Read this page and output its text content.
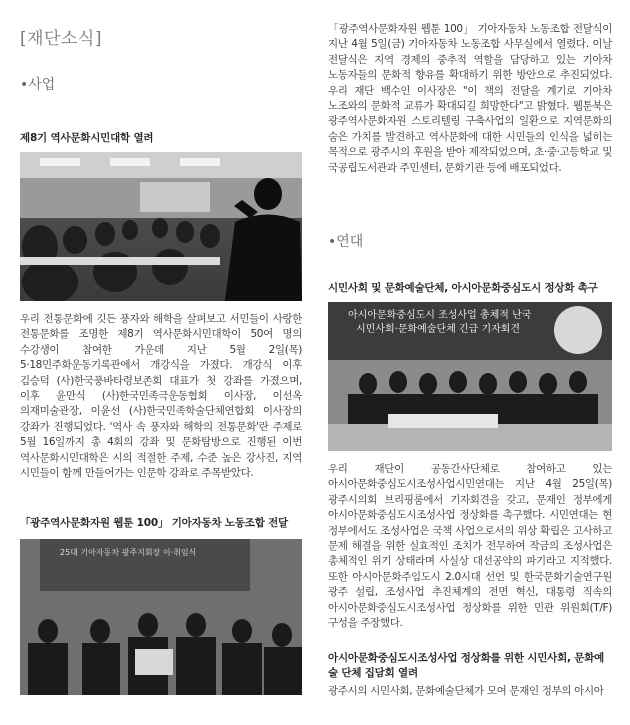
[재단소식]
•사업
제8기 역사문화시민대학 열려
우리 전통문화에 깃든 풍자와 해학을 살펴보고 서민들이 사랑한 전통문화를 조명한 제8기 역사문화시민대학이 50여 명의 수강생이 참여한 가운데 지난 5월 2일(목) 5·18민주화운동기록관에서 개강식을 가졌다. 개강식 이후 김승덕 (사)한국풍바타령보존회 대표가 첫 강좌를 가졌으며, 이후 윤만식 (사)한국민족극운동협회 이사장, 이선옥 의재미술관장, 이윤선 (사)한국민족학술단체연합회 이사장의 강좌가 진행되었다. '역사 속 풍자와 해학의 전통문화'란 주제로 5월 16일까지 총 4회의 강좌 및 문화탐방으로 진행된 이번 역사문화시민대학은 시의 적절한 주제, 수준 높은 강사진, 지역 시민들이 함께 만들어가는 인문학 강좌로 주목받았다.
「광주역사문화자원 웹툰 100」 기아자동차 노동조합 전달
25대 기아자동차 광주지회장 이·취임식
「광주역사문화자원 웹툰 100」 기아자동차 노동조합 전달식이 지난 4월 5일(금) 기아자동차 노동조합 사무실에서 열렸다. 이날 전달식은 지역 경제의 중추적 역할을 담당하고 있는 기아차 노동자들의 문화적 향유를 확대하기 위한 방안으로 추진되었다. 우리 재단 백수인 이사장은 "이 책의 전달을 계기로 기아차 노조와의 문화적 교류가 확대되길 희망한다"고 밝혔다. 웹툰북은 광주역사문화자원 스토리텔링 구축사업의 일환으로 지역문화의 숨은 가치를 발견하고 역사문화에 대한 시민들의 인식을 넓히는 목적으로 광주시의 후원을 받아 제작되었으며, 초·중·고등학교 및 국공립도서관과 주민센터, 문화기관 등에 배포되었다.
•연대
시민사회 및 문화예술단체, 아시아문화중심도시 정상화 촉구
아시아문화중심도시 조성사업 총체적 난국
시민사회·문화예술단체 긴급 기자회견
우리 재단이 공동간사단체로 참여하고 있는 아시아문화중심도시조성사업시민연대는 지난 4월 25일(목) 광주시의회 브리핑룸에서 기자회견을 갖고, 문재인 정부에게 아시아문화중심도시조성사업 정상화를 촉구했다. 시민연대는 현 정부에서도 조성사업은 국책 사업으로서의 위상 확립은 고사하고 문제 해결을 위한 실효적인 조치가 전무하여 작금의 조성사업은 총체적인 위기 상태라며 사실상 대선공약의 파기라고 지적했다. 또한 아시아문화주임도시 2.0시대 선언 및 한국문화기술연구원 광주 설립, 조성사업 추진체계의 전면 혁신, 대통령 직속의 아시아문화중심도시조성사업 정상화를 위한 민관 위원회(T/F) 구성을 주장했다.
아시아문화중심도시조성사업 정상화를 위한 시민사회, 문화예술 단체 집담회 열려
광주시의 시민사회, 문화예술단체가 모여 문재인 정부의 아시아
